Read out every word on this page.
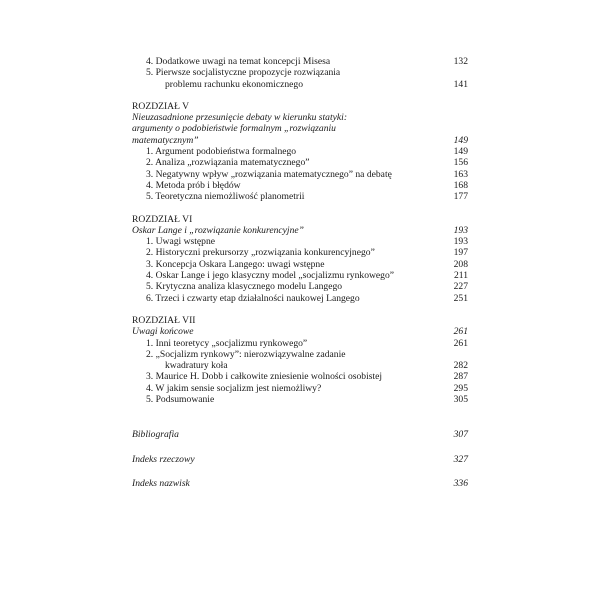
4. Dodatkowe uwagi na temat koncepcji Misesa	132
5. Pierwsze socjalistyczne propozycje rozwiązania
problemu rachunku ekonomicznego	141
ROZDZIAŁ V
Nieuzasadnione przesunięcie debaty w kierunku statyki:
argumenty o podobieństwie formalnym „rozwiązaniu
matematycznym”	149
1. Argument podobieństwa formalnego	149
2. Analiza „rozwiązania matematycznego”	156
3. Negatywny wpływ „rozwiązania matematycznego” na debatę	163
4. Metoda prób i błędów	168
5. Teoretyczna niemożliwość planometrii	177
ROZDZIAŁ VI
Oskar Lange i „rozwiązanie konkurencyjne”	193
1. Uwagi wstępne	193
2. Historyczni prekursorzy „rozwiązania konkurencyjnego”	197
3. Koncepcja Oskara Langego: uwagi wstępne	208
4. Oskar Lange i jego klasyczny model „socjalizmu rynkowego”	211
5. Krytyczna analiza klasycznego modelu Langego	227
6. Trzeci i czwarty etap działalności naukowej Langego	251
ROZDZIAŁ VII
Uwagi końcowe	261
1. Inni teoretycy „socjalizmu rynkowego”	261
2. „Socjalizm rynkowy”: nierozwiązywalne zadanie
kwadratury koła	282
3. Maurice H. Dobb i całkowite zniesienie wolności osobistej	287
4. W jakim sensie socjalizm jest niemożliwy?	295
5. Podsumowanie	305
Bibliografia	307
Indeks rzeczowy	327
Indeks nazwisk	336
